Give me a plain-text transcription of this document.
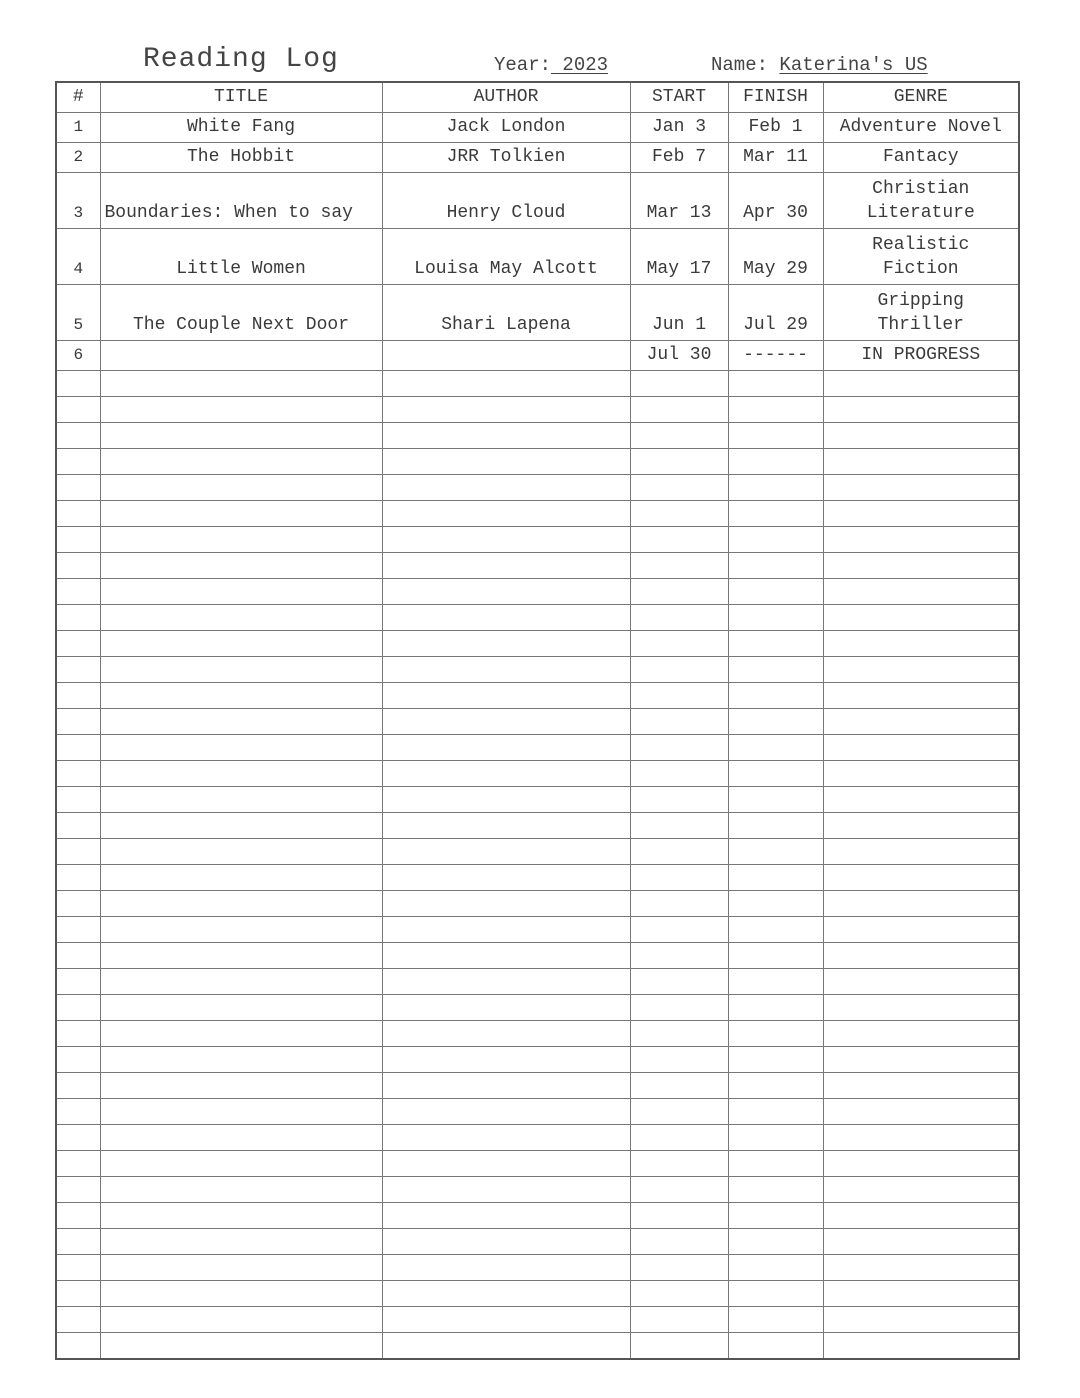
Reading Log	Year: 2023	Name: Katerina's US
#	TITLE	AUTHOR	START	FINISH	GENRE
1	White Fang	Jack London	Jan 3	Feb 1	Adventure Novel
2	The Hobbit	JRR Tolkien	Feb 7	Mar 11	Fantacy
3	Boundaries: When to say	Henry Cloud	Mar 13	Apr 30	Christian
Literature

4	Little Women	Louisa May Alcott	May 17	May 29	Realistic
Fiction

5	The Couple Next Door	Shari Lapena	Jun 1	Jul 29	Gripping
Thriller

6			Jul 30	------	IN PROGRESS
